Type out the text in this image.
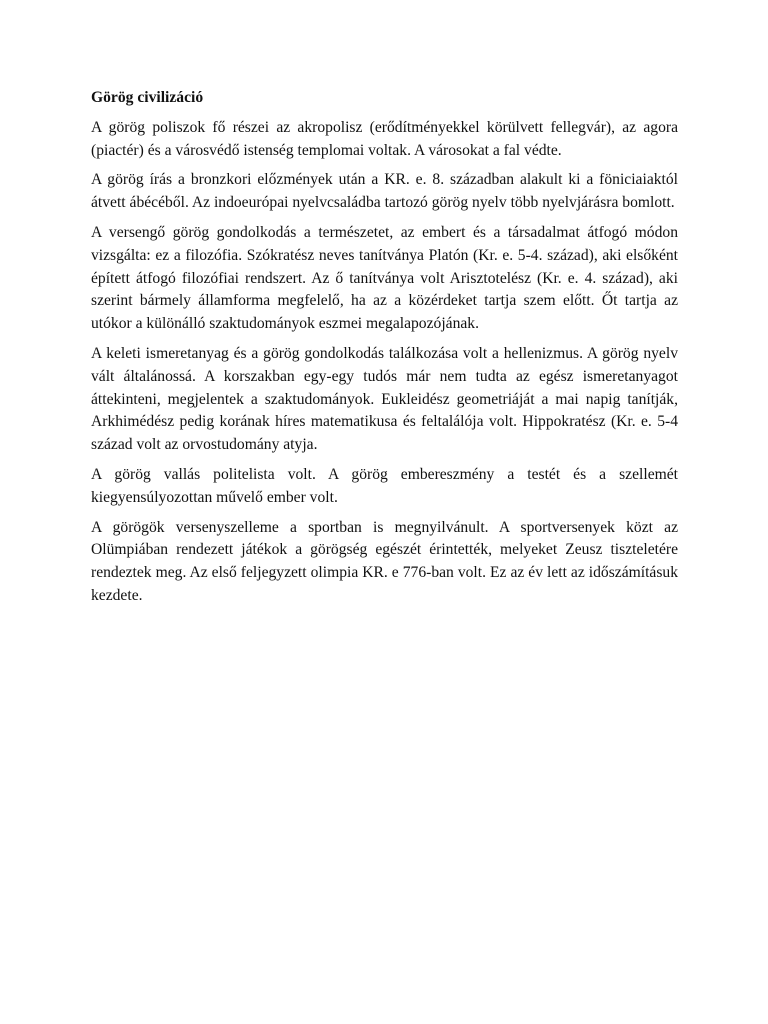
Görög civilizáció

A görög poliszok fő részei az akropolisz (erődítményekkel körülvett fellegvár), az agora (piactér) és a városvédő istenség templomai voltak. A városokat a fal védte.

A görög írás a bronzkori előzmények után a KR. e. 8. században alakult ki a föniciaiaktól átvett ábécéből. Az indoeurópai nyelvcsaládba tartozó görög nyelv több nyelvjárásra bomlott.

A versengő görög gondolkodás a természetet, az embert és a társadalmat átfogó módon vizsgálta: ez a filozófia. Szókratész neves tanítványa Platón (Kr. e. 5-4. század), aki elsőként épített átfogó filozófiai rendszert. Az ő tanítványa volt Arisztotelész (Kr. e. 4. század), aki szerint bármely államforma megfelelő, ha az a közérdeket tartja szem előtt. Őt tartja az utókor a különálló szaktudományok eszmei megalapozójának.

A keleti ismeretanyag és a görög gondolkodás találkozása volt a hellenizmus. A görög nyelv vált általánossá. A korszakban egy-egy tudós már nem tudta az egész ismeretanyagot áttekinteni, megjelentek a szaktudományok. Eukleidész geometriáját a mai napig tanítják, Arkhimédész pedig korának híres matematikusa és feltalálója volt. Hippokratész (Kr. e. 5-4 század volt az orvostudomány atyja.

A görög vallás politelista volt. A görög embereszmény a testét és a szellemét kiegyensúlyozottan művelő ember volt.

A görögök versenyszelleme a sportban is megnyilvánult. A sportversenyek közt az Olümpiában rendezett játékok a görögség egészét érintették, melyeket Zeusz tiszteletére rendeztek meg. Az első feljegyzett olimpia KR. e 776-ban volt. Ez az év lett az időszámításuk kezdete.
